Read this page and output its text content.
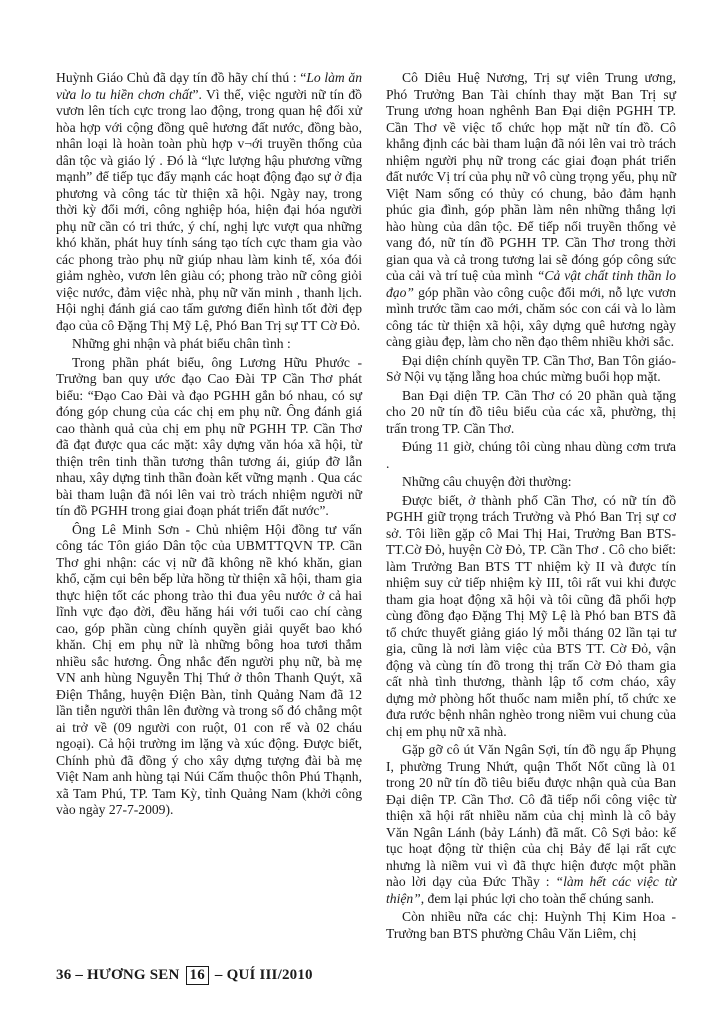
Huỳnh Giáo Chủ đã dạy tín đồ hãy chí thú : “Lo làm ăn vừa lo tu hiền chơn chất”. Vì thế, việc người nữ tín đồ vươn lên tích cực trong lao động, trong quan hệ đối xử hòa hợp với cộng đồng quê hương đất nước, đồng bào, nhân loại là hoàn toàn phù hợp v¬ới truyền thống của dân tộc và giáo lý . Đó là “lực lượng hậu phương vững mạnh” để tiếp tục đẩy mạnh các hoạt động đạo sự ở địa phương và công tác từ thiện xã hội. Ngày nay, trong thời kỳ đổi mới, công nghiệp hóa, hiện đại hóa người phụ nữ cần có tri thức, ý chí, nghị lực vượt qua những khó khăn, phát huy tính sáng tạo tích cực tham gia vào các phong trào phụ nữ giúp nhau làm kinh tế, xóa đói giảm nghèo, vươn lên giàu có; phong trào nữ công giỏi việc nước, đảm việc nhà, phụ nữ văn minh , thanh lịch. Hội nghị đánh giá cao tấm gương điển hình tốt đời đẹp đạo của cô Đặng Thị Mỹ Lệ, Phó Ban Trị sự TT Cờ Đỏ.

Những ghi nhận và phát biểu chân tình :

Trong phần phát biểu, ông Lương Hữu Phước - Trưởng ban quy ước đạo Cao Đài TP Cần Thơ phát biểu: “Đạo Cao Đài và đạo PGHH gắn bó nhau, có sự đóng góp chung của các chị em phụ nữ. Ông đánh giá cao thành quả của chị em phụ nữ PGHH TP. Cần Thơ đã đạt được qua các mặt: xây dựng văn hóa xã hội, từ thiện trên tinh thần tương thân tương ái, giúp đỡ lẫn nhau, xây dựng tinh thần đoàn kết vững mạnh . Qua các bài tham luận đã nói lên vai trò trách nhiệm người nữ tín đồ PGHH trong giai đoạn phát triển đất nước”.

Ông Lê Minh Sơn - Chủ nhiệm Hội đồng tư vấn công tác Tôn giáo Dân tộc của UBMTTQVN TP. Cần Thơ ghi nhận: các vị nữ đã không nề khó khăn, gian khổ, cặm cụi bên bếp lửa hồng từ thiện xã hội, tham gia thực hiện tốt các phong trào thi đua yêu nước ở cả hai lĩnh vực đạo đời, đều hăng hái với tuổi cao chí càng cao, góp phần cùng chính quyền giải quyết bao khó khăn. Chị em phụ nữ là những bông hoa tươi thắm nhiều sắc hương. Ông nhắc đến người phụ nữ, bà mẹ VN anh hùng Nguyễn Thị Thứ ở thôn Thanh Quýt, xã Điện Thắng, huyện Điện Bàn, tỉnh Quảng Nam đã 12 lần tiễn người thân lên đường và trong số đó chẳng một ai trở về (09 người con ruột, 01 con rể và 02 cháu ngoại). Cả hội trường im lặng và xúc động. Được biết, Chính phủ đã đồng ý cho xây dựng tượng đài bà mẹ Việt Nam anh hùng tại Núi Cấm thuộc thôn Phú Thạnh, xã Tam Phú, TP. Tam Kỳ, tỉnh Quảng Nam (khởi công vào ngày 27-7-2009).

Cô Diêu Huệ Nương, Trị sự viên Trung ương, Phó Trưởng Ban Tài chính thay mặt Ban Trị sự Trung ương hoan nghênh Ban Đại diện PGHH TP. Cần Thơ về việc tổ chức họp mặt nữ tín đồ. Cô khẳng định các bài tham luận đã nói lên vai trò trách nhiệm người phụ nữ trong các giai đoạn phát triển đất nước Vị trí của phụ nữ vô cùng trọng yếu, phụ nữ Việt Nam sống có thủy có chung, bảo đảm hạnh phúc gia đình, góp phần làm nên những thắng lợi hào hùng của dân tộc. Để tiếp nối truyền thống vẻ vang đó, nữ tín đồ PGHH TP. Cần Thơ trong thời gian qua và cả trong tương lai sẽ đóng góp công sức của cải và trí tuệ của mình “Cả vật chất tinh thần lo đạo” góp phần vào công cuộc đổi mới, nỗ lực vươn mình trước tầm cao mới, chăm sóc con cái và lo làm công tác từ thiện xã hội, xây dựng quê hương ngày càng giàu đẹp, làm cho nền đạo thêm nhiều khởi sắc.

Đại diện chính quyền TP. Cần Thơ, Ban Tôn giáo-Sở Nội vụ tặng lẵng hoa chúc mừng buổi họp mặt.

Ban Đại diện TP. Cần Thơ có 20 phần quà tặng cho 20 nữ tín đồ tiêu biểu của các xã, phường, thị trấn trong TP. Cần Thơ.

Đúng 11 giờ, chúng tôi cùng nhau dùng cơm trưa .

Những câu chuyện đời thường:

Được biết, ở thành phố Cần Thơ, có nữ tín đồ PGHH giữ trọng trách Trưởng và Phó Ban Trị sự cơ sở. Tôi liền gặp cô Mai Thị Hai, Trưởng Ban BTS-TT.Cờ Đỏ, huyện Cờ Đỏ, TP. Cần Thơ . Cô cho biết: làm Trưởng Ban BTS TT nhiệm kỳ II và được tín nhiệm suy cử tiếp nhiệm kỳ III, tôi rất vui khi được tham gia hoạt động xã hội và tôi cũng đã phối hợp cùng đồng đạo Đặng Thị Mỹ Lệ là Phó ban BTS đã tổ chức thuyết giảng giáo lý mỗi tháng 02 lần tại tư gia, cũng là nơi làm việc của BTS TT. Cờ Đỏ, vận động và cùng tín đồ trong thị trấn Cờ Đỏ tham gia cất nhà tình thương, thành lập tổ cơm cháo, xây dựng mở phòng hốt thuốc nam miễn phí, tổ chức xe đưa rước bệnh nhân nghèo trong niềm vui chung của chị em phụ nữ xã nhà.

Gặp gỡ cô út Văn Ngân Sợi, tín đồ ngụ ấp Phụng I, phường Trung Nhứt, quận Thốt Nốt cũng là 01 trong 20 nữ tín đồ tiêu biểu được nhận quà của Ban Đại diện TP. Cần Thơ. Cô đã tiếp nối công việc từ thiện xã hội rất nhiều năm của chị mình là cô bảy Văn Ngân Lánh (bảy Lánh) đã mất. Cô Sợi bảo: kế tục hoạt động từ thiện của chị Bảy để lại rất cực nhưng là niềm vui vì đã thực hiện được một phần nào lời dạy của Đức Thầy : “làm hết các việc từ thiện”, đem lại phúc lợi cho toàn thể chúng sanh.

Còn nhiều nữa các chị: Huỳnh Thị Kim Hoa - Trưởng ban BTS phường Châu Văn Liêm, chị

36 – HƯƠNG SEN 16 – QUÍ III/2010
